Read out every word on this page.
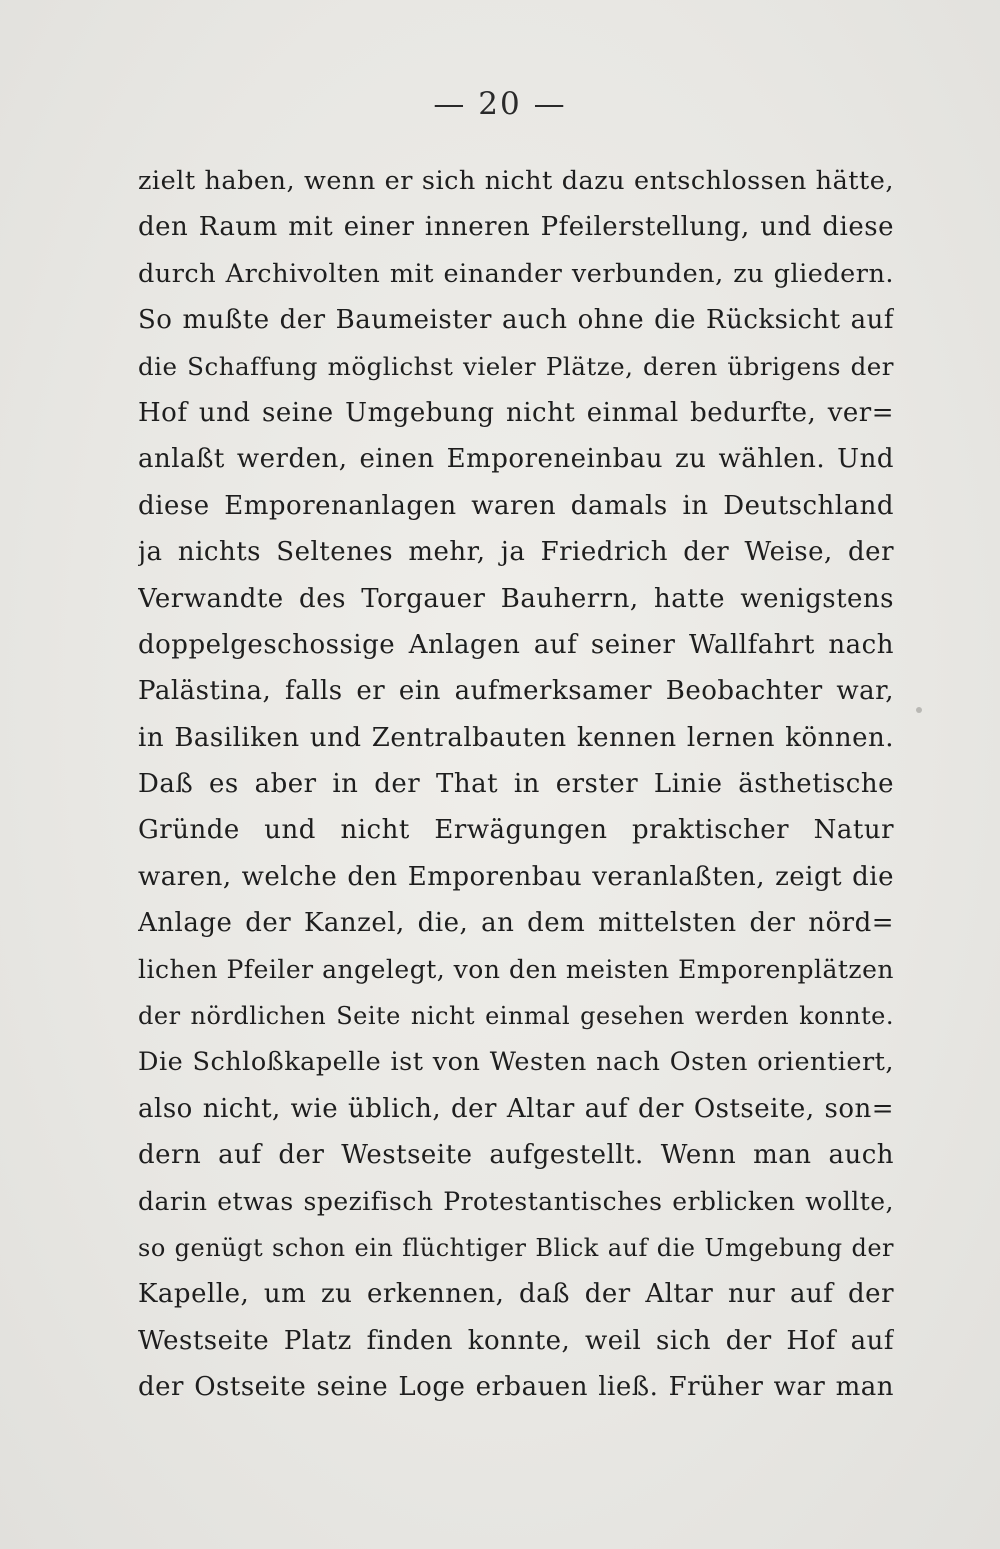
— 20 —
zielt haben, wenn er sich nicht dazu entschlossen hätte,
den Raum mit einer inneren Pfeilerstellung, und diese
durch Archivolten mit einander verbunden, zu gliedern.
So mußte der Baumeister auch ohne die Rücksicht auf
die Schaffung möglichst vieler Plätze, deren übrigens der
Hof und seine Umgebung nicht einmal bedurfte, ver=
anlaßt werden, einen Emporeneinbau zu wählen. Und
diese Emporenanlagen waren damals in Deutschland
ja nichts Seltenes mehr, ja Friedrich der Weise, der
Verwandte des Torgauer Bauherrn, hatte wenigstens
doppelgeschossige Anlagen auf seiner Wallfahrt nach
Palästina, falls er ein aufmerksamer Beobachter war,
in Basiliken und Zentralbauten kennen lernen können.
Daß es aber in der That in erster Linie ästhetische
Gründe und nicht Erwägungen praktischer Natur
waren, welche den Emporenbau veranlaßten, zeigt die
Anlage der Kanzel, die, an dem mittelsten der nörd=
lichen Pfeiler angelegt, von den meisten Emporenplätzen
der nördlichen Seite nicht einmal gesehen werden konnte.
Die Schloßkapelle ist von Westen nach Osten orientiert,
also nicht, wie üblich, der Altar auf der Ostseite, son=
dern auf der Westseite aufgestellt. Wenn man auch
darin etwas spezifisch Protestantisches erblicken wollte,
so genügt schon ein flüchtiger Blick auf die Umgebung der
Kapelle, um zu erkennen, daß der Altar nur auf der
Westseite Platz finden konnte, weil sich der Hof auf
der Ostseite seine Loge erbauen ließ. Früher war man
